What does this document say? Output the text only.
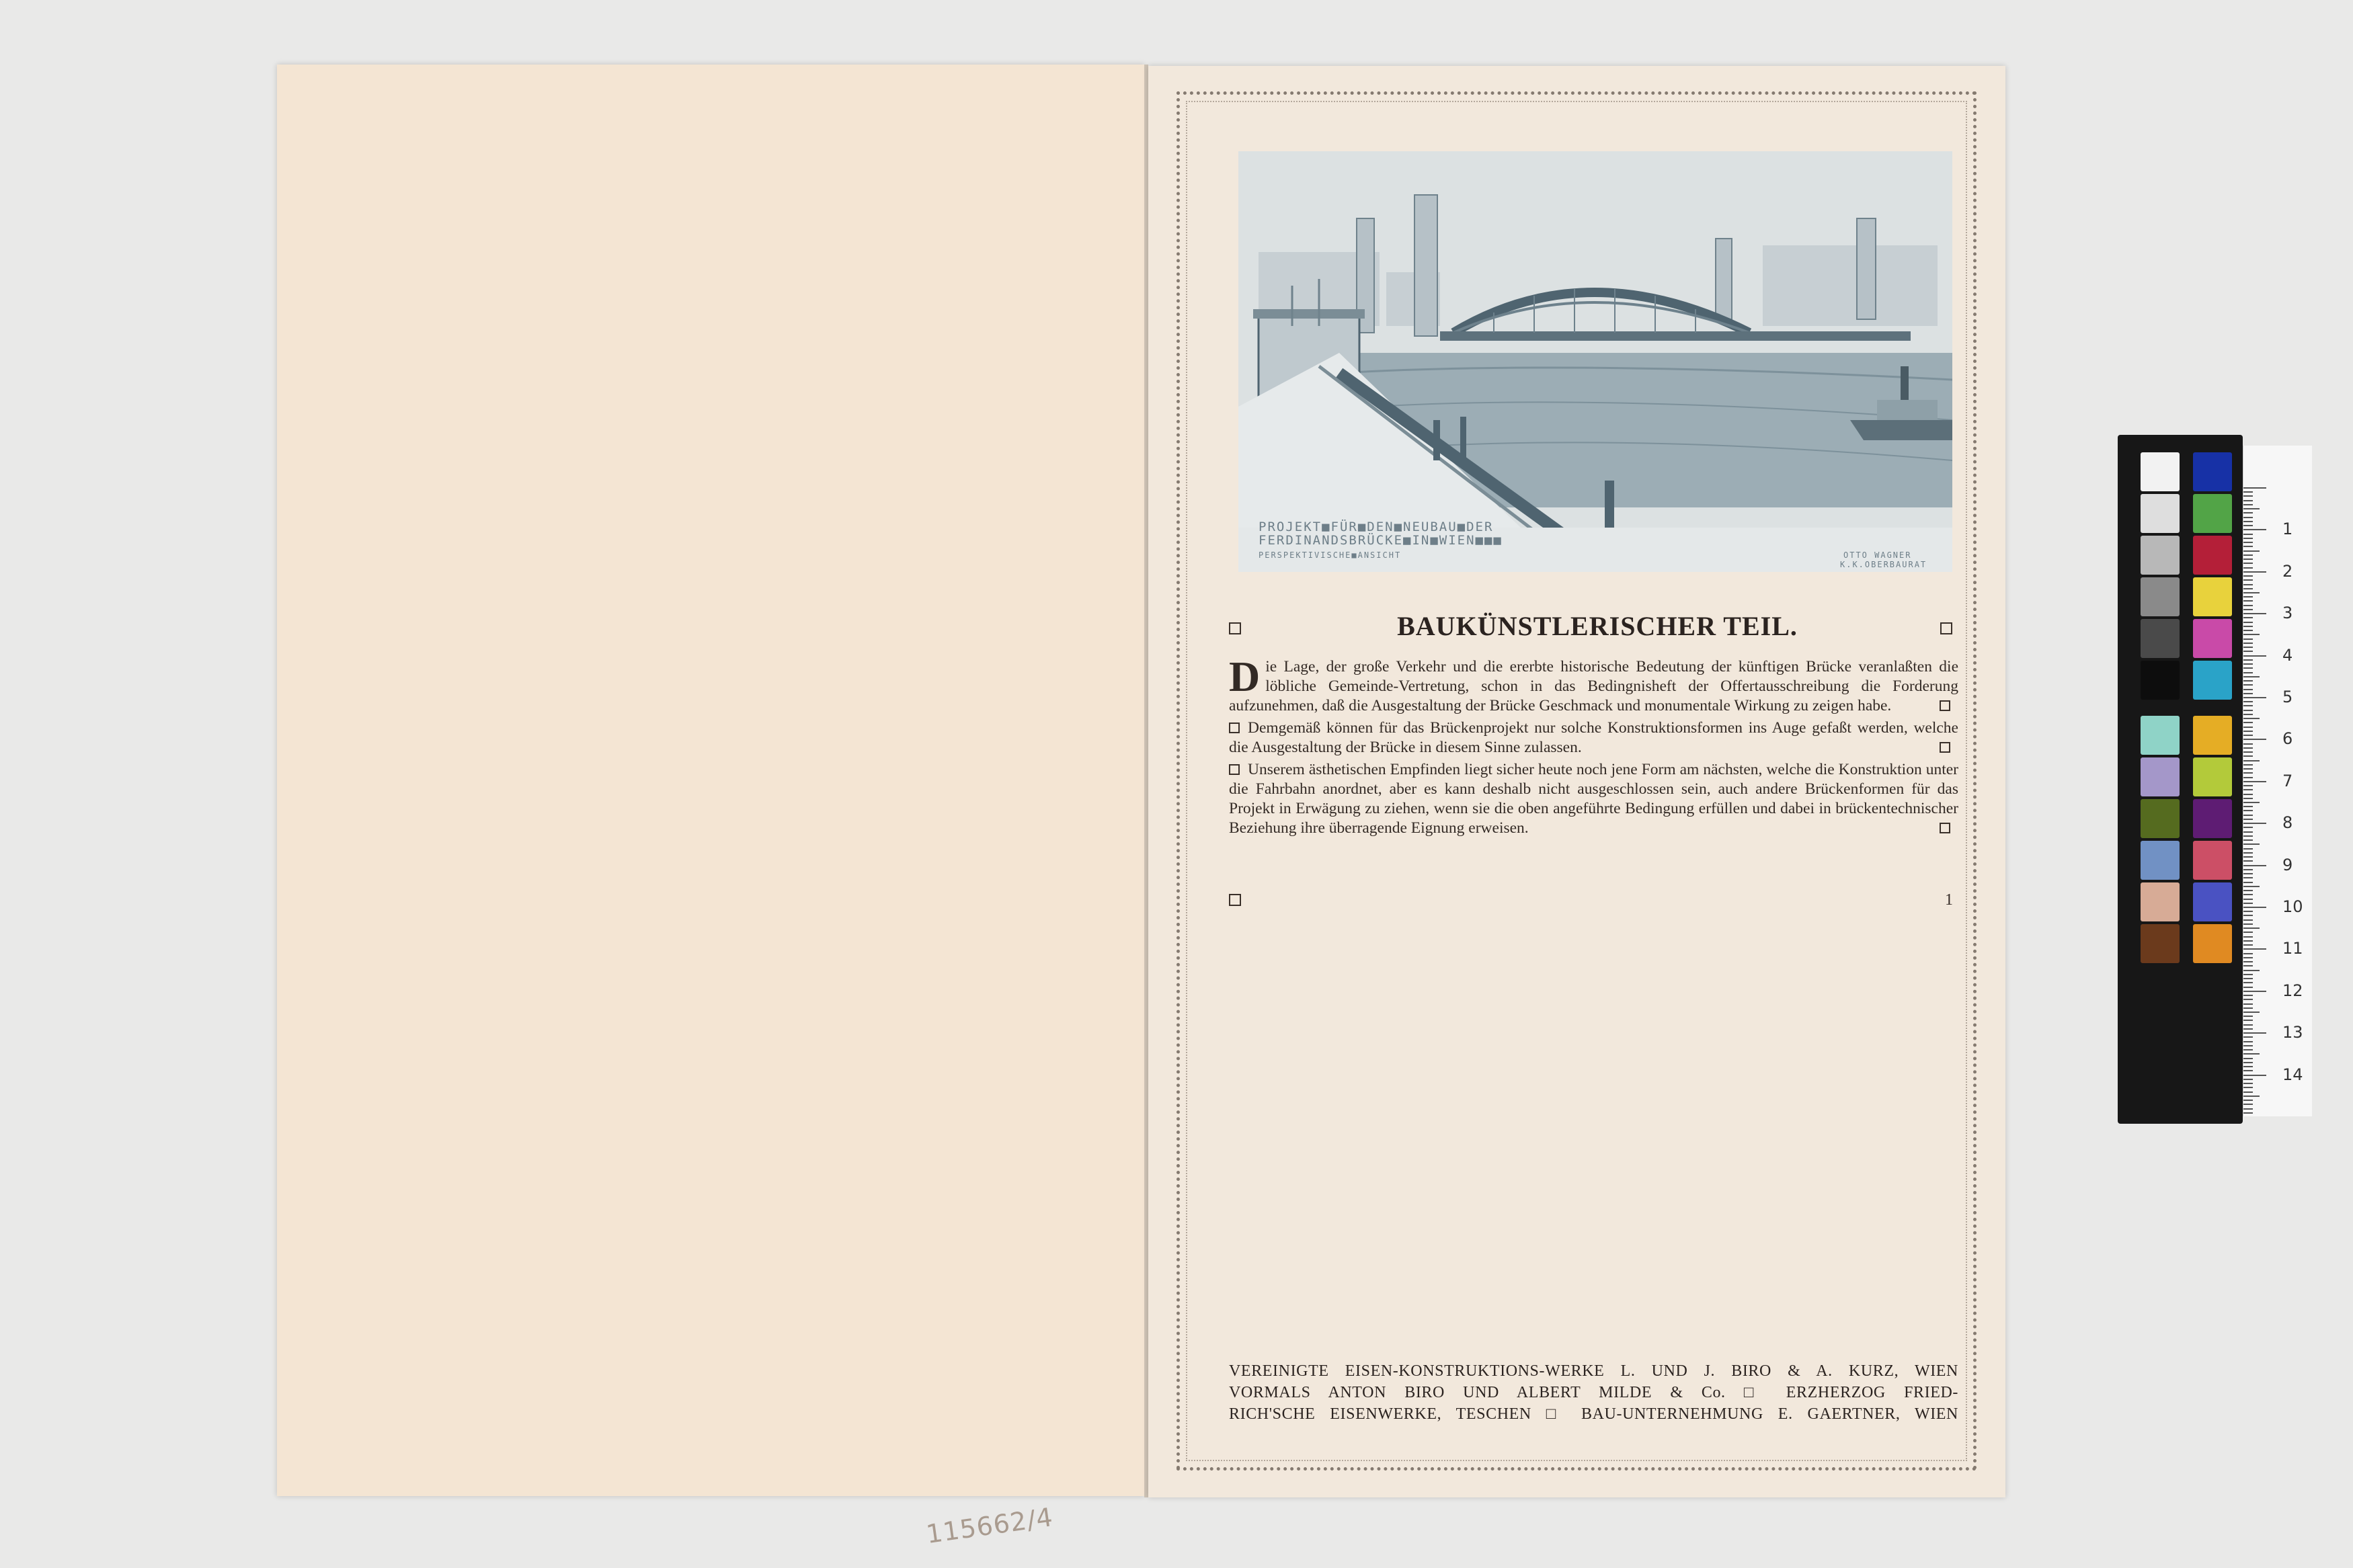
115662/4
PROJEKT■FÜR■DEN■NEUBAU■DER
FERDINANDSBRÜCKE■IN■WIEN■■■
PERSPEKTIVISCHE■ANSICHT	OTTO WAGNER
K.K.OBERBAURAT
BAUKÜNSTLERISCHER TEIL.

Die Lage, der große Verkehr und die ererbte historische Bedeutung der künftigen Brücke veranlaßten die löbliche Gemeinde-Vertretung, schon in das Bedingnisheft der Offertausschreibung die Forderung aufzunehmen, daß die Ausgestaltung der Brücke Geschmack und monumentale Wirkung zu zeigen habe.

Demgemäß können für das Brückenprojekt nur solche Konstruktionsformen ins Auge gefaßt werden, welche die Ausgestaltung der Brücke in diesem Sinne zulassen.

Unserem ästhetischen Empfinden liegt sicher heute noch jene Form am nächsten, welche die Konstruktion unter die Fahrbahn anordnet, aber es kann deshalb nicht ausgeschlossen sein, auch andere Brückenformen für das Projekt in Erwägung zu ziehen, wenn sie die oben angeführte Bedingung erfüllen und dabei in brückentechnischer Beziehung ihre überragende Eignung erweisen.

1
VEREINIGTE EISEN-KONSTRUKTIONS-WERKE L. UND J. BIRO & A. KURZ, WIEN
VORMALS ANTON BIRO UND ALBERT MILDE & Co. □ ERZHERZOG FRIED-
RICH'SCHE EISENWERKE, TESCHEN □ BAU-UNTERNEHMUNG E. GAERTNER, WIEN
1
2
3
4
5
6
7
8
9
10
11
12
13
14
